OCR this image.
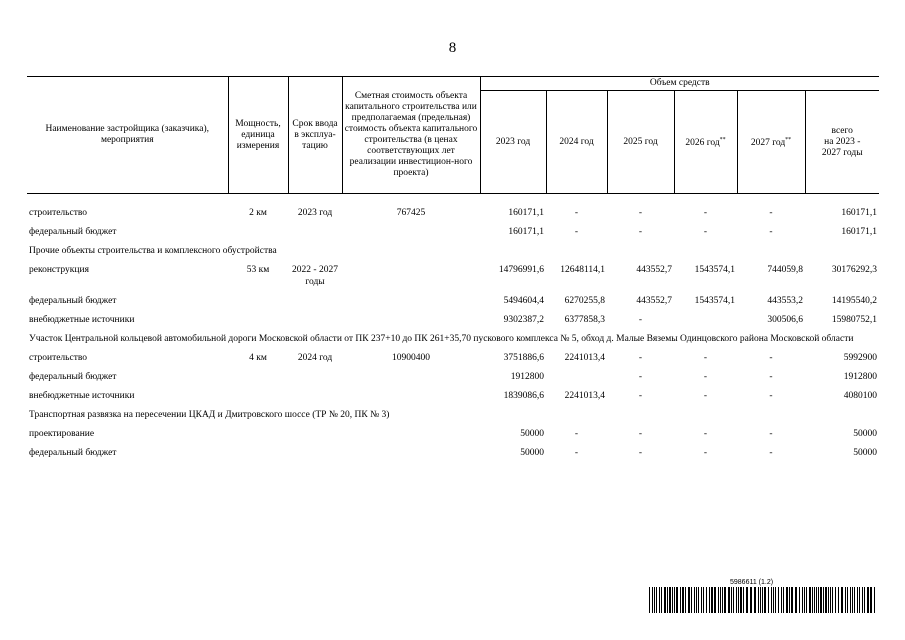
8
Наименование застройщика (заказчика), мероприятия	Мощность, единица измерения	Срок ввода в эксплуа-тацию	Сметная стоимость объекта капитального строительства или предполагаемая (предельная) стоимость объекта капитального строительства (в ценах соответствующих лет реализации инвестицион-ного проекта)	Объем средств					
				2023 год	2024 год	2025 год	2026 год**	2027 год**	всего
на 2023 -
2027 годы

строительство	2 км	2023 год	767425	160171,1	-	-	-	-	160171,1
федеральный бюджет				160171,1	-	-	-	-	160171,1
Прочие объекты строительства и комплексного обустройства									
реконструкция	53 км	2022 - 2027 годы		14796991,6	12648114,1	443552,7	1543574,1	744059,8	30176292,3
федеральный бюджет				5494604,4	6270255,8	443552,7	1543574,1	443553,2	14195540,2
внебюджетные источники				9302387,2	6377858,3	-		300506,6	15980752,1
Участок Центральной кольцевой автомобильной дороги Московской области от ПК 237+10 до ПК 261+35,70 пускового комплекса № 5, обход д. Малые Вяземы Одинцовского района Московской области									
строительство	4 км	2024 год	10900400	3751886,6	2241013,4	-	-	-	5992900
федеральный бюджет				1912800		-	-	-	1912800
внебюджетные источники				1839086,6	2241013,4	-	-	-	4080100
Транспортная развязка на пересечении ЦКАД и Дмитровского шоссе (ТР № 20, ПК № 3)									
проектирование				50000	-	-	-	-	50000
федеральный бюджет				50000	-	-	-	-	50000
5986611 (1.2)
